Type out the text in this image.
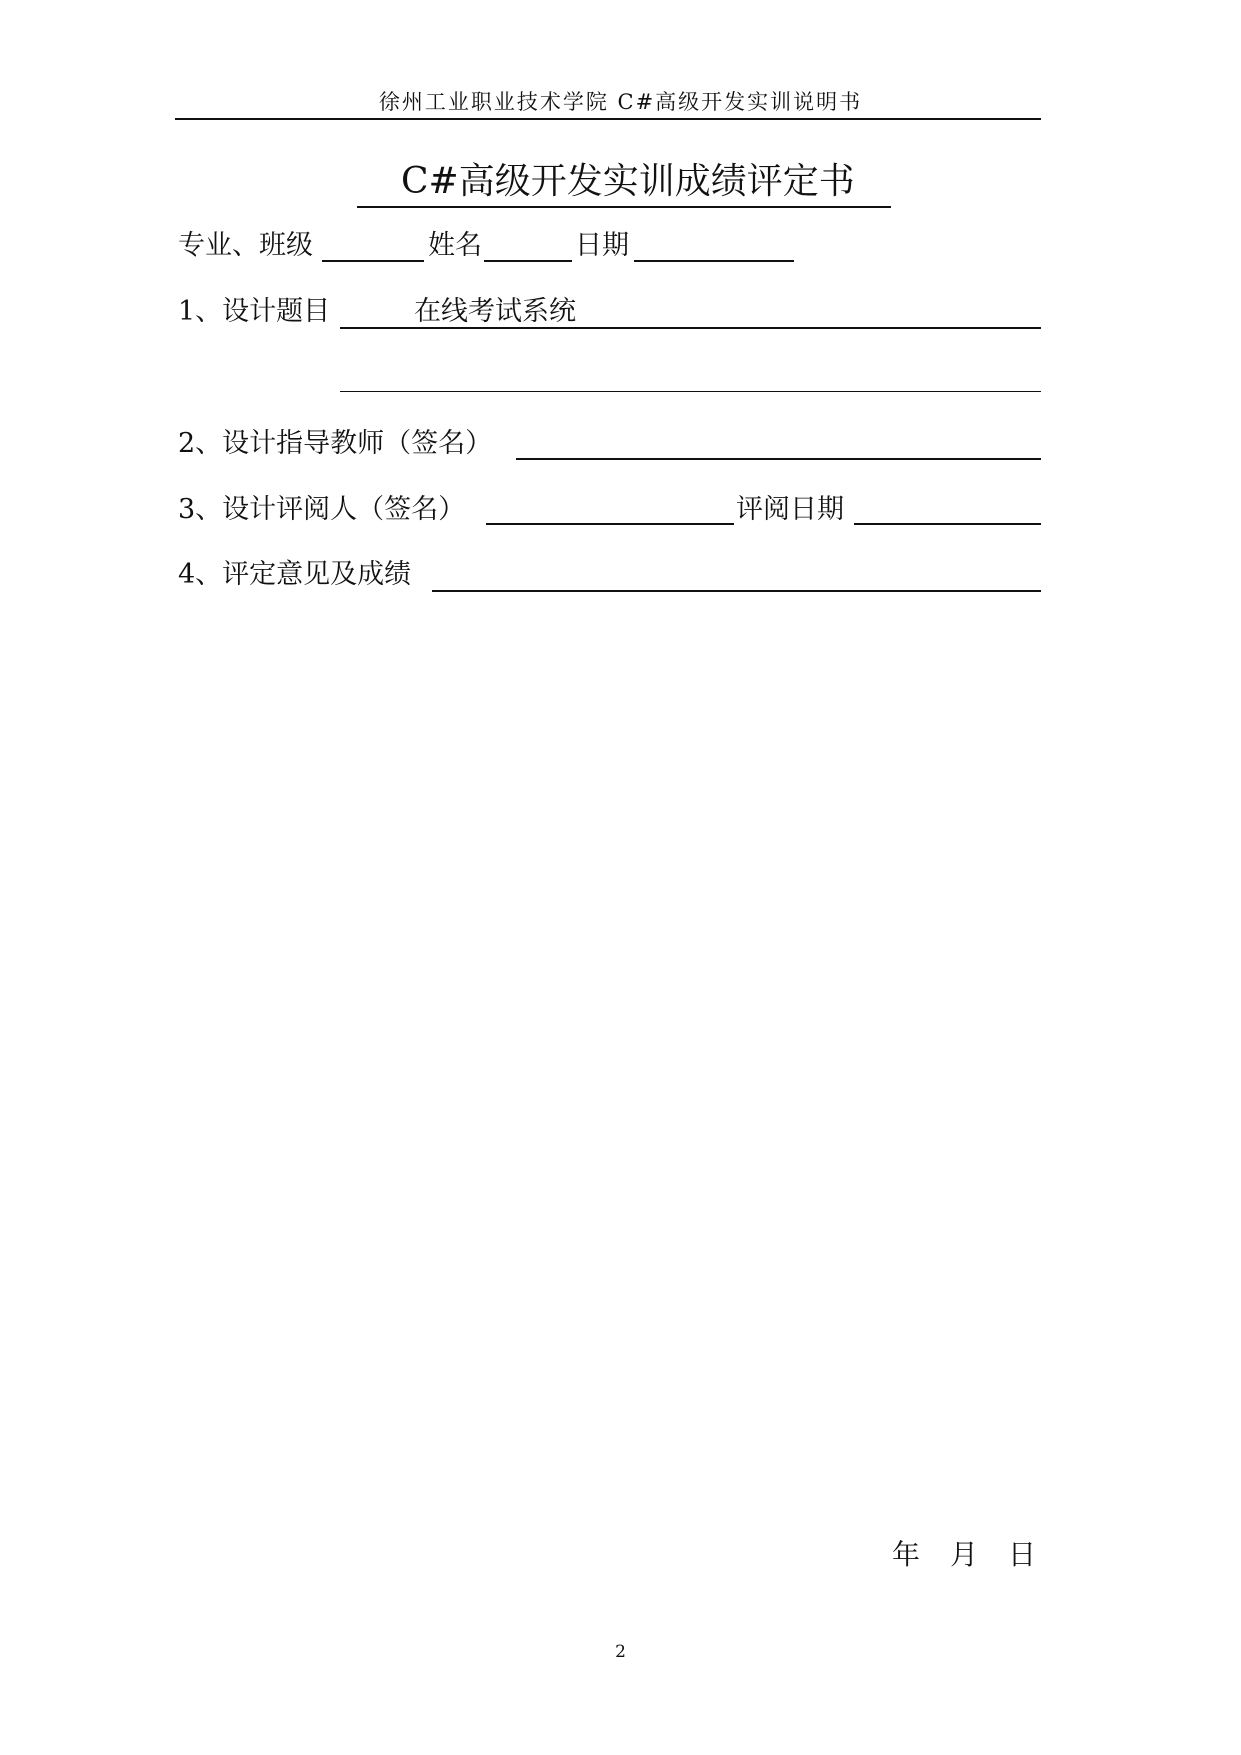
徐州工业职业技术学院 C#高级开发实训说明书
C#高级开发实训成绩评定书
专业、班级	姓名	日期
1、设计题目	在线考试系统
2、设计指导教师（签名）
3、设计评阅人（签名）	评阅日期
4、评定意见及成绩
年 月 日
2
